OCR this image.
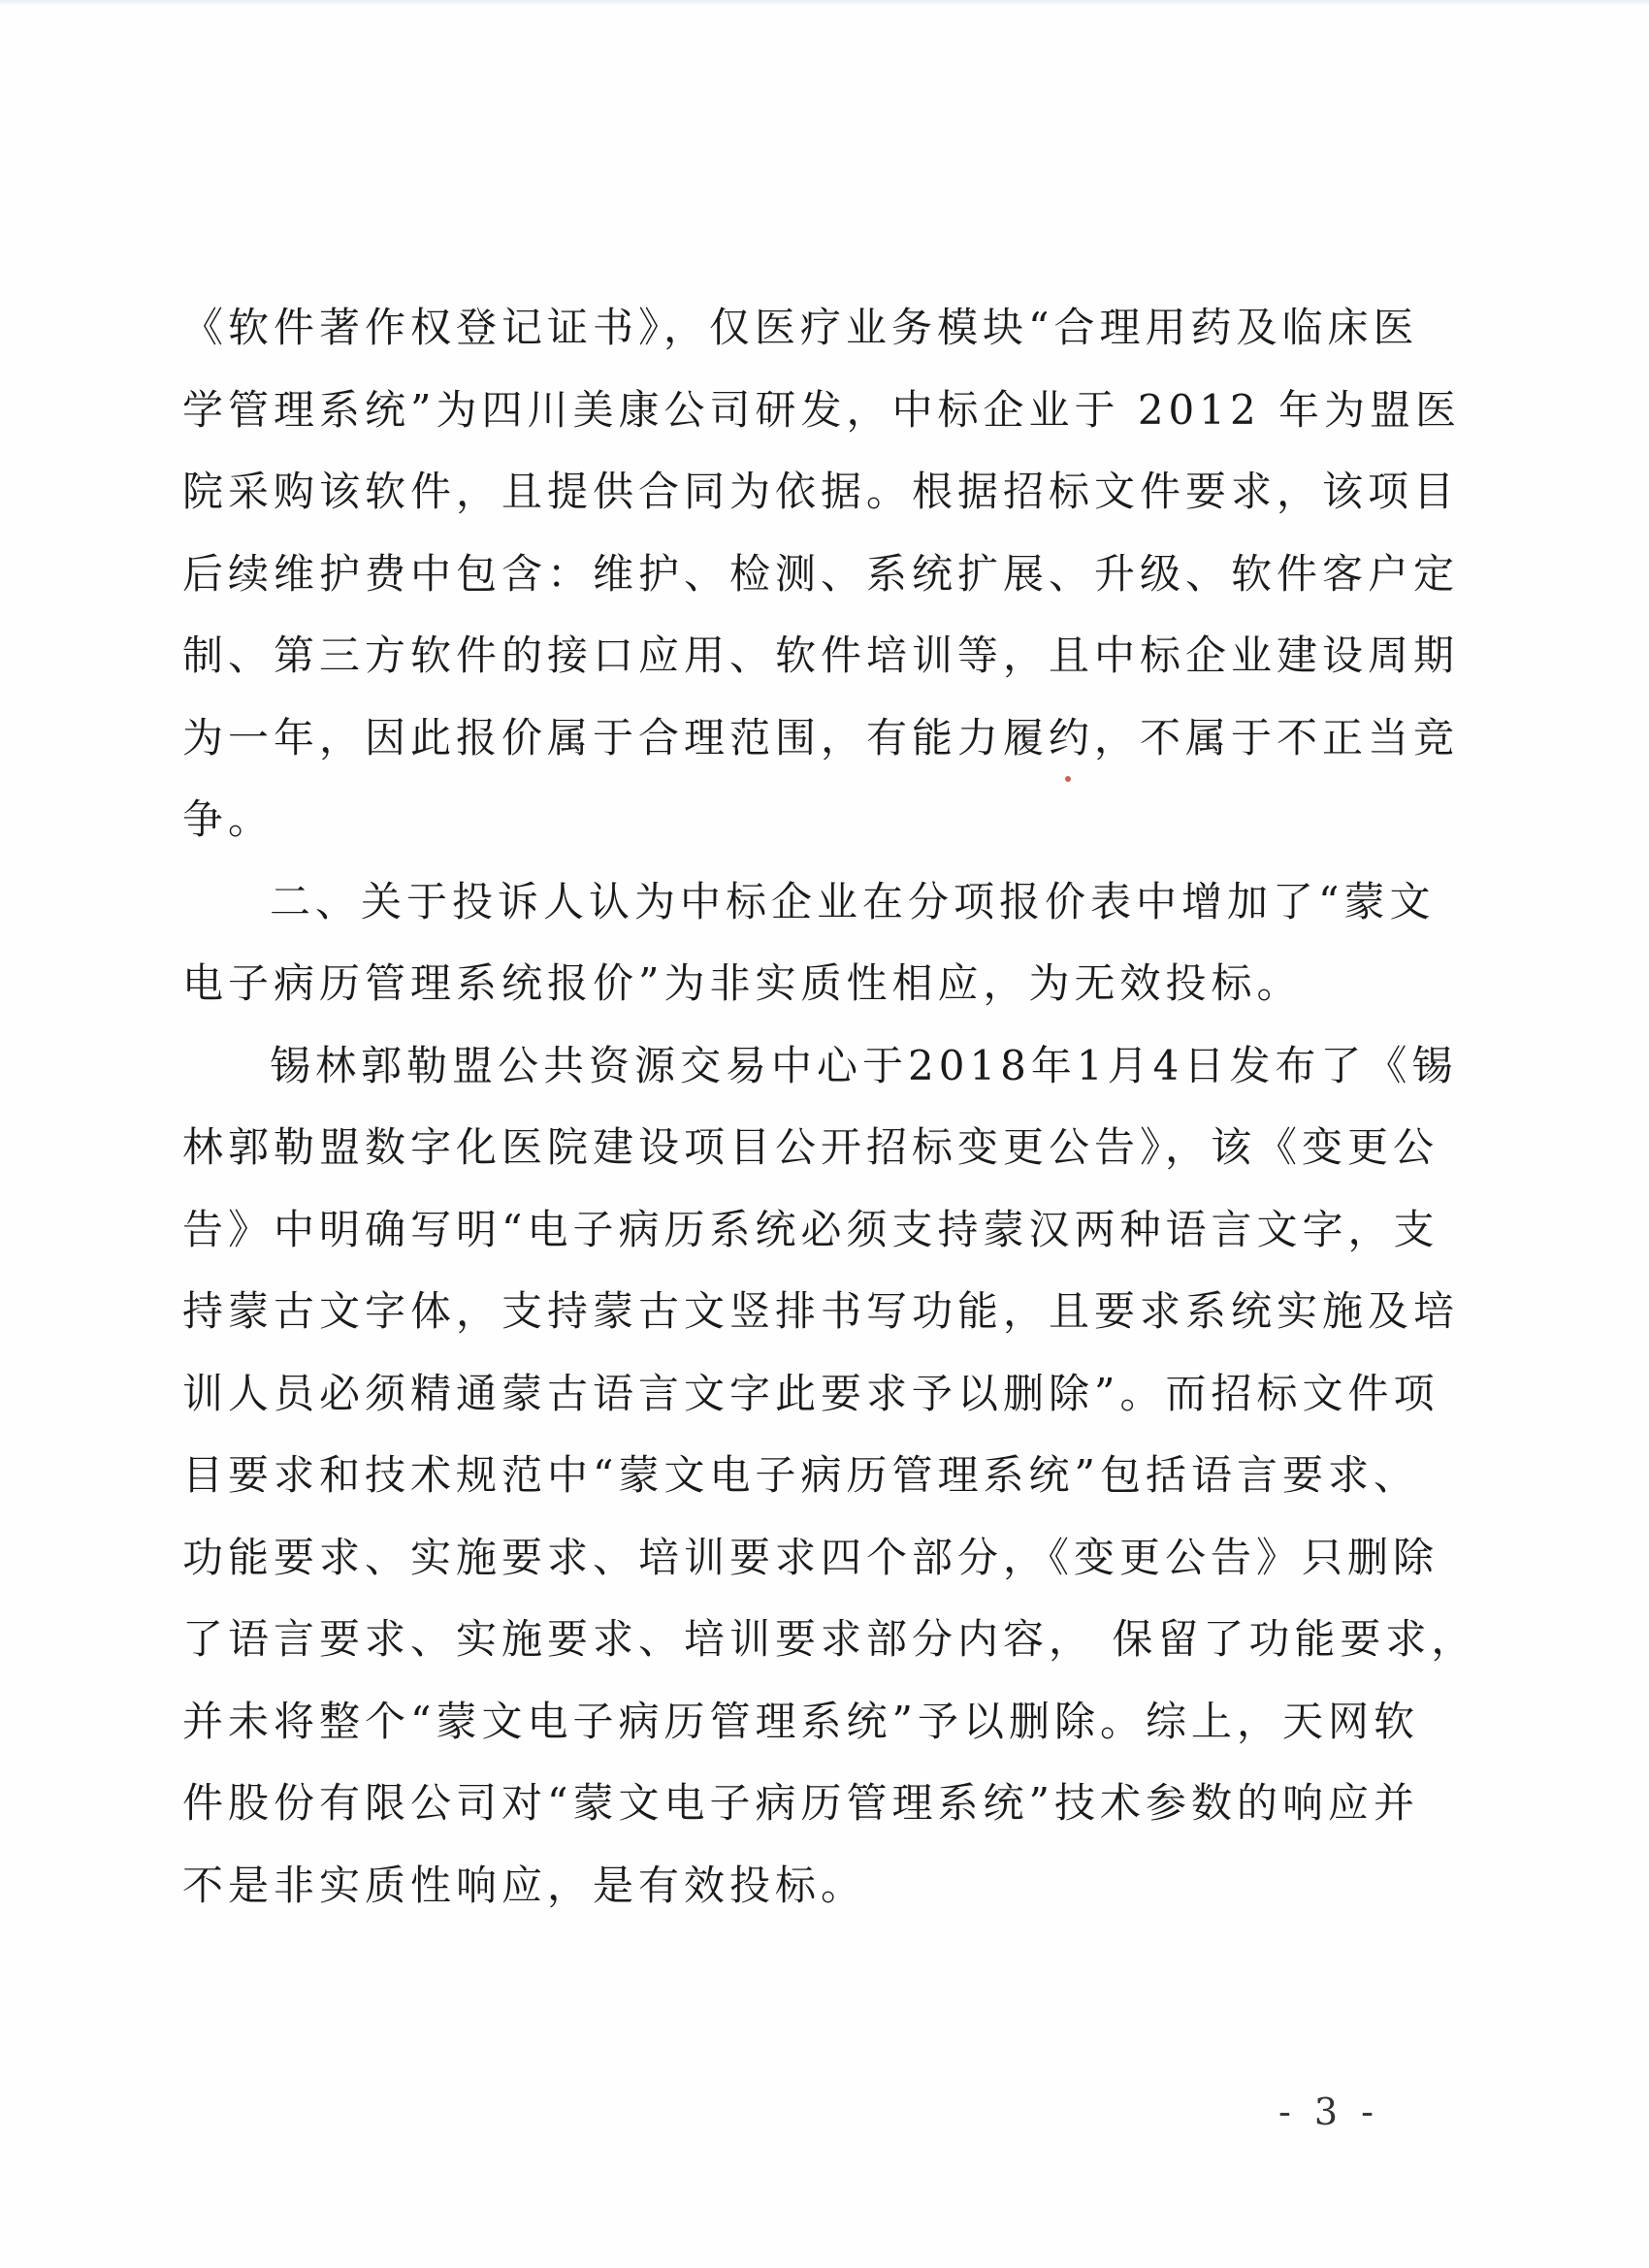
《软件著作权登记证书》，仅医疗业务模块“合理用药及临床医
学管理系统”为四川美康公司研发，中标企业于 2012 年为盟医
院采购该软件，且提供合同为依据。根据招标文件要求，该项目
后续维护费中包含：维护、检测、系统扩展、升级、软件客户定
制、第三方软件的接口应用、软件培训等，且中标企业建设周期
为一年，因此报价属于合理范围，有能力履约，不属于不正当竞
争。

二、关于投诉人认为中标企业在分项报价表中增加了“蒙文
电子病历管理系统报价”为非实质性相应，为无效投标。

锡林郭勒盟公共资源交易中心于2018年1月4日发布了《锡
林郭勒盟数字化医院建设项目公开招标变更公告》，该《变更公
告》中明确写明“电子病历系统必须支持蒙汉两种语言文字，支
持蒙古文字体，支持蒙古文竖排书写功能，且要求系统实施及培
训人员必须精通蒙古语言文字此要求予以删除”。而招标文件项
目要求和技术规范中“蒙文电子病历管理系统”包括语言要求、
功能要求、实施要求、培训要求四个部分，《变更公告》只删除
了语言要求、实施要求、培训要求部分内容， 保留了功能要求，
并未将整个“蒙文电子病历管理系统”予以删除。综上，天网软
件股份有限公司对“蒙文电子病历管理系统”技术参数的响应并
不是非实质性响应，是有效投标。

- 3 -
